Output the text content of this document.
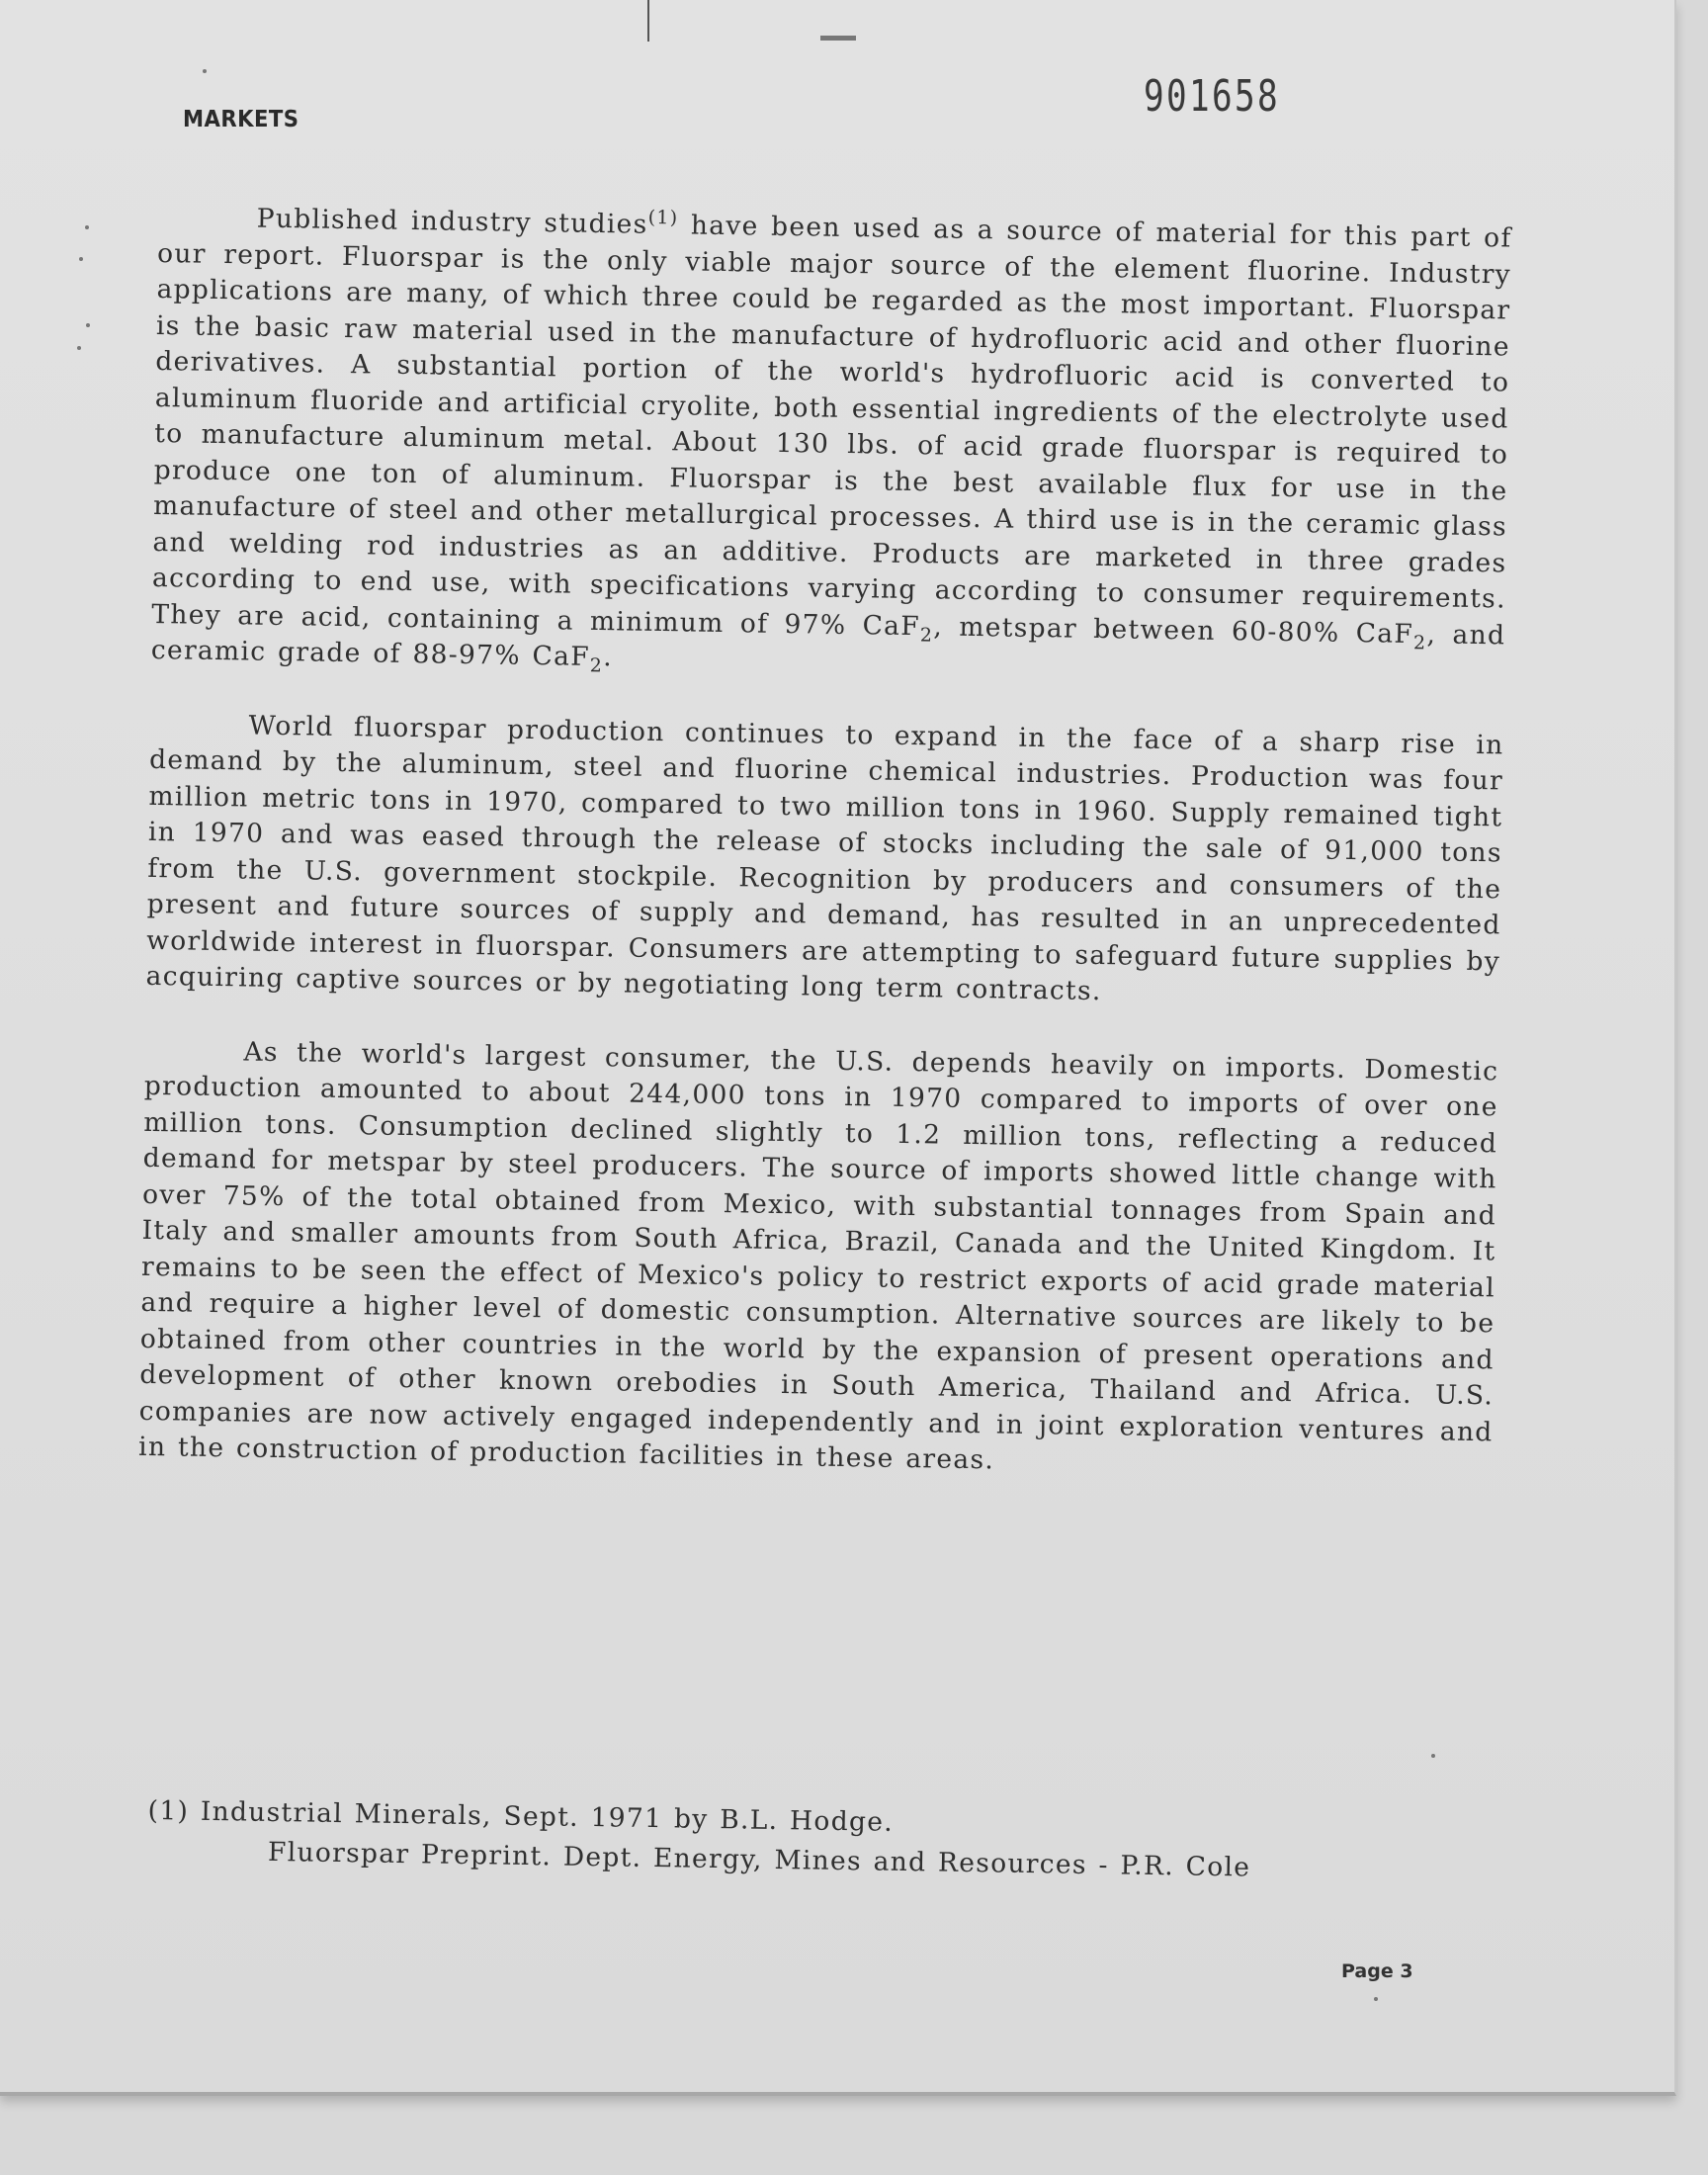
MARKETS	901658

Published industry studies$^{(1)}$ have been used as a source of material for this part of our report. Fluorspar is the only viable major source of the element fluorine. Industry applications are many, of which three could be regarded as the most important. Fluorspar is the basic raw material used in the manufacture of hydrofluoric acid and other fluorine derivatives. A substantial portion of the world's hydrofluoric acid is converted to aluminum fluoride and artificial cryolite, both essential ingredients of the electrolyte used to manufacture aluminum metal. About 130 lbs. of acid grade fluorspar is required to produce one ton of aluminum. Fluorspar is the best available flux for use in the manufacture of steel and other metallurgical processes. A third use is in the ceramic glass and welding rod industries as an additive. Products are marketed in three grades according to end use, with specifications varying according to consumer requirements. They are acid, containing a minimum of 97% CaF$_2$, metspar between 60-80% CaF$_2$, and ceramic grade of 88-97% CaF$_2$.

World fluorspar production continues to expand in the face of a sharp rise in demand by the aluminum, steel and fluorine chemical industries. Production was four million metric tons in 1970, compared to two million tons in 1960. Supply remained tight in 1970 and was eased through the release of stocks including the sale of 91,000 tons from the U.S. government stockpile. Recognition by producers and consumers of the present and future sources of supply and demand, has resulted in an unprecedented worldwide interest in fluorspar. Consumers are attempting to safeguard future supplies by acquiring captive sources or by negotiating long term contracts.

As the world's largest consumer, the U.S. depends heavily on imports. Domestic production amounted to about 244,000 tons in 1970 compared to imports of over one million tons. Consumption declined slightly to 1.2 million tons, reflecting a reduced demand for metspar by steel producers. The source of imports showed little change with over 75% of the total obtained from Mexico, with substantial tonnages from Spain and Italy and smaller amounts from South Africa, Brazil, Canada and the United Kingdom. It remains to be seen the effect of Mexico's policy to restrict exports of acid grade material and require a higher level of domestic consumption. Alternative sources are likely to be obtained from other countries in the world by the expansion of present operations and development of other known orebodies in South America, Thailand and Africa. U.S. companies are now actively engaged independently and in joint exploration ventures and in the construction of production facilities in these areas.

(1) Industrial Minerals, Sept. 1971 by B.L. Hodge.

Fluorspar Preprint. Dept. Energy, Mines and Resources - P.R. Cole

Page 3
